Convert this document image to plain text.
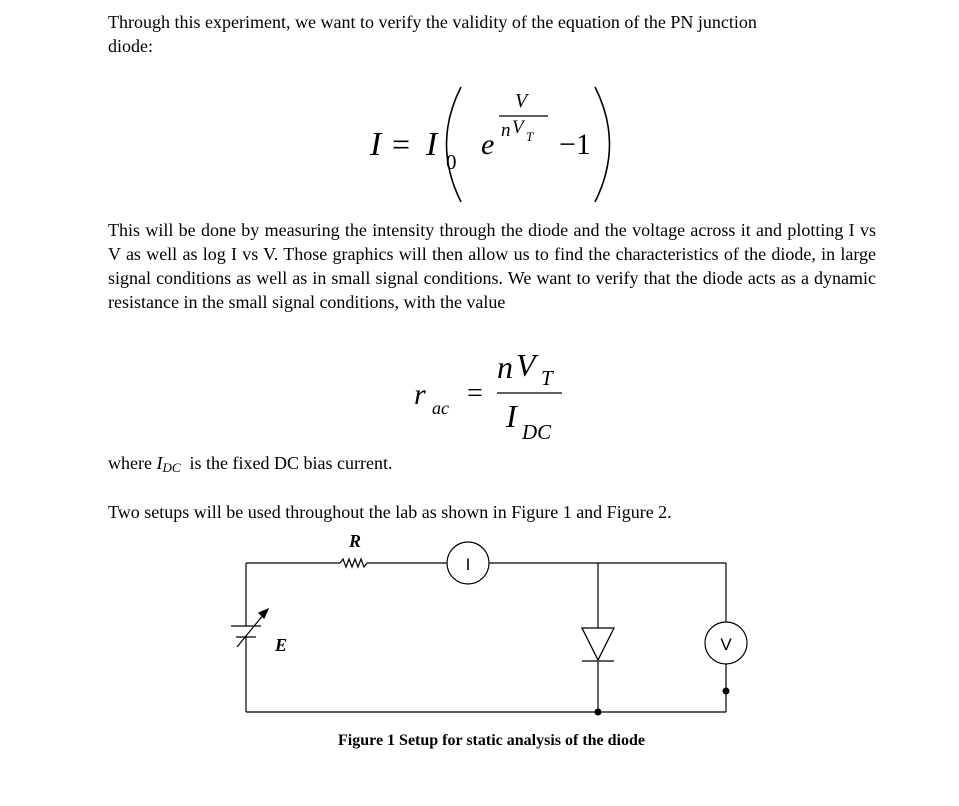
Through this experiment, we want to verify the validity of the equation of the PN junction
diode:

I = I 0
e
V
n V T −1

This will be done by measuring the intensity through the diode and the voltage across it and plotting I vs V as well as log I vs V. Those graphics will then allow us to find the characteristics of the diode, in large signal conditions as well as in small signal conditions. We want to verify that the diode acts as a dynamic resistance in the small signal conditions, with the value

r ac =
n V T
I DC

where $I_{DC}$ is the fixed DC bias current.

Two setups will be used throughout the lab as shown in Figure 1 and Figure 2.

R
E
I
V
Figure 1 Setup for static analysis of the diode
